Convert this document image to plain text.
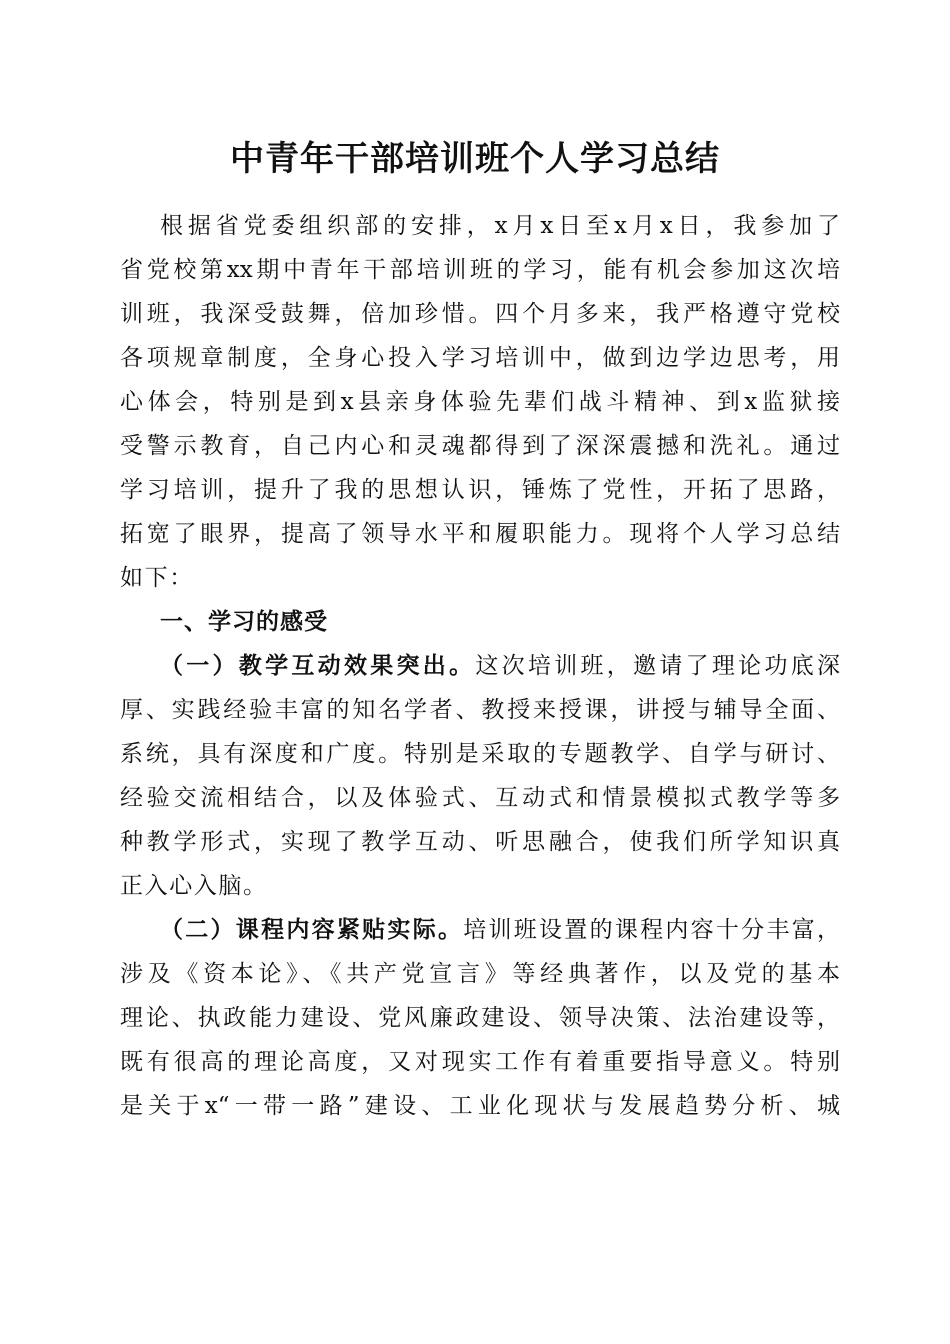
中青年干部培训班个人学习总结
根据省党委组织部的安排，x月x日至x月x日，我参加了
省党校第xx期中青年干部培训班的学习，能有机会参加这次培
训班，我深受鼓舞，倍加珍惜。四个月多来，我严格遵守党校
各项规章制度，全身心投入学习培训中，做到边学边思考，用
心体会，特别是到x县亲身体验先辈们战斗精神、到x监狱接
受警示教育，自己内心和灵魂都得到了深深震撼和洗礼。通过
学习培训，提升了我的思想认识，锤炼了党性，开拓了思路，
拓宽了眼界，提高了领导水平和履职能力。现将个人学习总结
如下：
一、学习的感受
（一）教学互动效果突出。这次培训班，邀请了理论功底深
厚、实践经验丰富的知名学者、教授来授课，讲授与辅导全面、
系统，具有深度和广度。特别是采取的专题教学、自学与研讨、
经验交流相结合，以及体验式、互动式和情景模拟式教学等多
种教学形式，实现了教学互动、听思融合，使我们所学知识真
正入心入脑。
（二）课程内容紧贴实际。培训班设置的课程内容十分丰富，
涉及《资本论》、《共产党宣言》等经典著作，以及党的基本
理论、执政能力建设、党风廉政建设、领导决策、法治建设等，
既有很高的理论高度，又对现实工作有着重要指导意义。特别
是关于x“一带一路”建设、工业化现状与发展趋势分析、城
